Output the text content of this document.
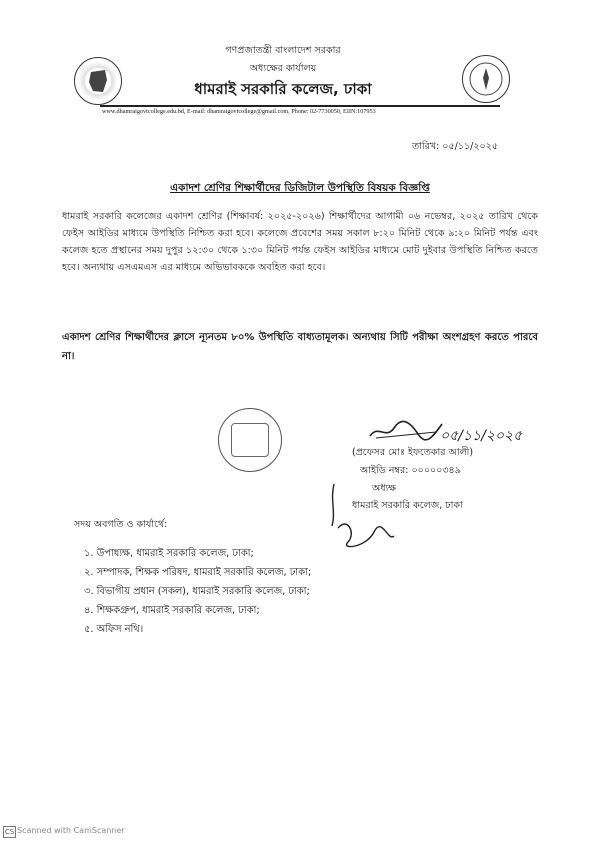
গণপ্রজাতন্ত্রী বাংলাদেশ সরকার
অধ্যক্ষের কার্যালয়
ধামরাই সরকারি কলেজ, ঢাকা
www.dhamraigovtcollege.edu.bd, E-mail: dhamraigovtcollege@gmail.com, Phone: 02-7730050, EIIN:107953
তারিখ: ০৫/১১/২০২৫
একাদশ শ্রেণির শিক্ষার্থীদের ডিজিটাল উপস্থিতি বিষয়ক বিজ্ঞপ্তি
ধামরাই সরকারি কলেজের একাদশ শ্রেণির (শিক্ষাবর্ষ: ২০২৫-২০২৬) শিক্ষার্থীদের আগামী ০৬ নভেম্বর, ২০২৫ তারিখ থেকে ফেইস আইডির মাধ্যমে উপস্থিতি নিশ্চিত করা হবে। কলেজে প্রবেশের সময় সকাল ৮:২০ মিনিট থেকে ৯:২০ মিনিট পর্যন্ত এবং কলেজ হতে প্রস্থানের সময় দুপুর ১২:৩০ থেকে ১:৩০ মিনিট পর্যন্ত ফেইস আইডির মাধ্যমে মোট দুইবার উপস্থিতি নিশ্চিত করতে হবে। অন্যথায় এসএমএস এর মাধ্যমে অভিভাবককে অবহিত করা হবে।
একাদশ শ্রেণির শিক্ষার্থীদের ক্লাসে ন্যূনতম ৮০% উপস্থিতি বাধ্যতামূলক। অন্যথায় সিটি পরীক্ষা অংশগ্রহণ করতে পারবে না।
০৫/১১/২০২৫
(প্রফেসর মোঃ ইফতেকার আলী)
আইডি নম্বর: ০০০০০৩৪৯
অধ্যক্ষ
ধামরাই সরকারি কলেজ, ঢাকা
সদয় অবগতি ও কার্যার্থে:
১. উপাধ্যক্ষ, ধামরাই সরকারি কলেজ, ঢাকা;
২. সম্পাদক, শিক্ষক পরিষদ, ধামরাই সরকারি কলেজ, ঢাকা;
৩. বিভাগীয় প্রধান (সকল), ধামরাই সরকারি কলেজ, ঢাকা;
৪. শিক্ষকগ্রুপ, ধামরাই সরকারি কলেজ, ঢাকা;
৫. অফিস নথি।
CS Scanned with CamScanner
